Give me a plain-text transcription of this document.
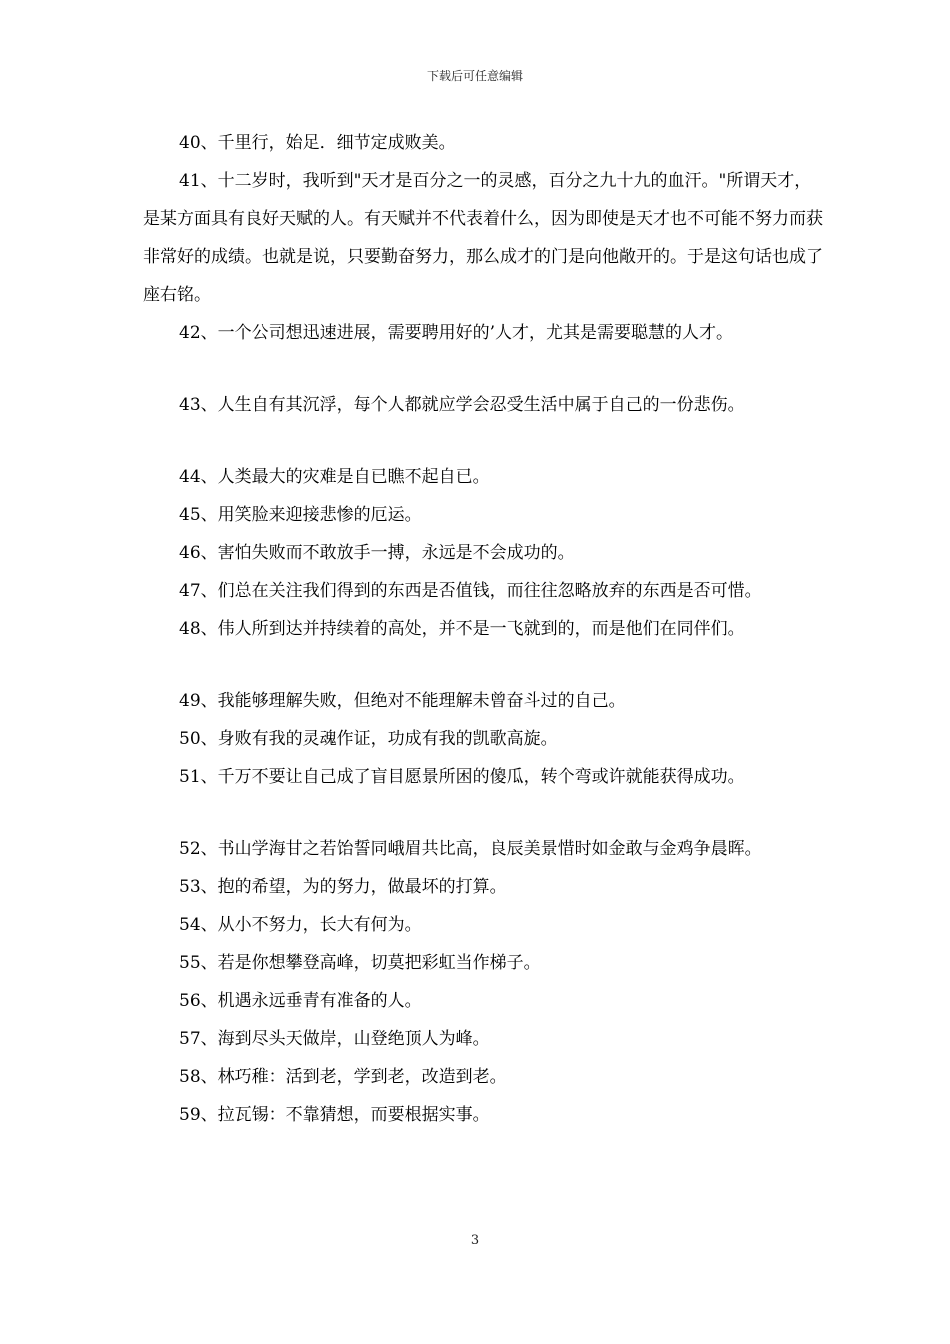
下载后可任意编辑

40、千里行，始足．细节定成败美。

41、十二岁时，我听到"天才是百分之一的灵感，百分之九十九的血汗。"所谓天才，是某方面具有良好天赋的人。有天赋并不代表着什么，因为即使是天才也不可能不努力而获非常好的成绩。也就是说，只要勤奋努力，那么成才的门是向他敞开的。于是这句话也成了座右铭。

42、一个公司想迅速进展，需要聘用好的’人才，尤其是需要聪慧的人才。

43、人生自有其沉浮，每个人都就应学会忍受生活中属于自己的一份悲伤。

44、人类最大的灾难是自已瞧不起自已。

45、用笑脸来迎接悲惨的厄运。

46、害怕失败而不敢放手一搏，永远是不会成功的。

47、们总在关注我们得到的东西是否值钱，而往往忽略放弃的东西是否可惜。

48、伟人所到达并持续着的高处，并不是一飞就到的，而是他们在同伴们。

49、我能够理解失败，但绝对不能理解未曾奋斗过的自己。

50、身败有我的灵魂作证，功成有我的凯歌高旋。

51、千万不要让自己成了盲目愿景所困的傻瓜，转个弯或许就能获得成功。

52、书山学海甘之若饴誓同峨眉共比高，良辰美景惜时如金敢与金鸡争晨晖。

53、抱的希望，为的努力，做最坏的打算。

54、从小不努力，长大有何为。

55、若是你想攀登高峰，切莫把彩虹当作梯子。

56、机遇永远垂青有准备的人。

57、海到尽头天做岸，山登绝顶人为峰。

58、林巧稚：活到老，学到老，改造到老。

59、拉瓦锡：不靠猜想，而要根据实事。

3
